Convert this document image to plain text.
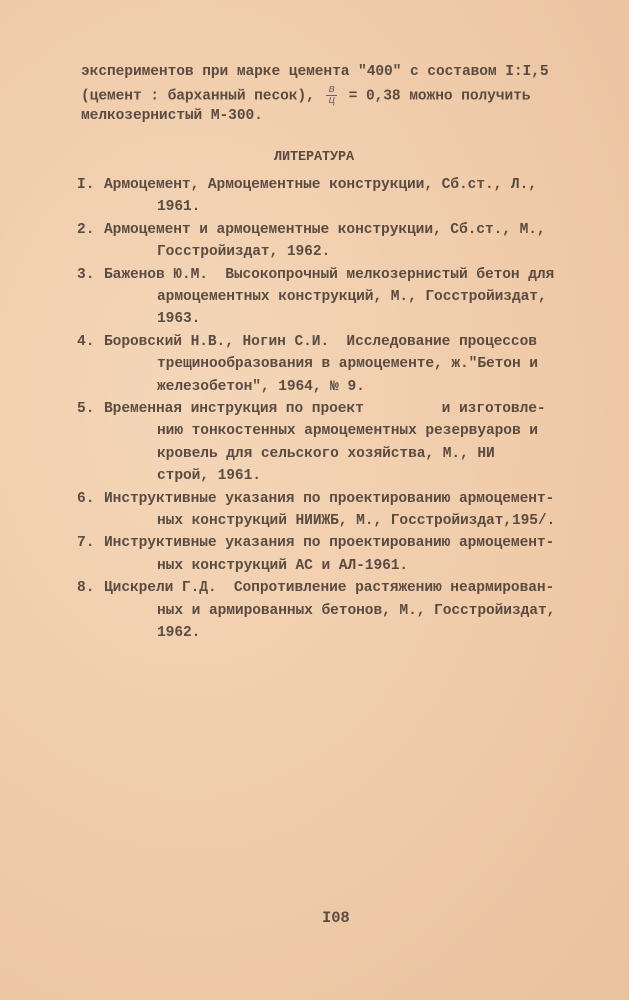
экспериментов при марке цемента "400" с составом I:I,5
(цемент : барханный песок), $\frac{в}{ц} = 0,38$ можно получить
мелкозернистый М-300.
ЛИТЕРАТУРА
I. Армоцемент, Армоцементные конструкции, Сб.ст., Л.,
1961.
2. Армоцемент и армоцементные конструкции, Сб.ст., М.,
Госстройиздат, 1962.
3. Баженов Ю.М.  Высокопрочный мелкозернистый бетон для
армоцементных конструкций, М., Госстройиздат,
1963.
4. Боровский Н.В., Ногин С.И.  Исследование процессов
трещинообразования в армоцементе, ж."Бетон и
железобетон", 1964, № 9.
5. Временная инструкция по проект         и изготовле-
нию тонкостенных армоцементных резервуаров и
кровель для сельского хозяйства, М., НИ
строй, 1961.
6. Инструктивные указания по проектированию армоцемент-
ных конструкций НИИЖБ, М., Госстройиздат,195/.
7. Инструктивные указания по проектированию армоцемент-
ных конструкций АС и АЛ-1961.
8. Цискрели Г.Д.  Сопротивление растяжению неармирован-
ных и армированных бетонов, М., Госстройиздат,
1962.
I08
